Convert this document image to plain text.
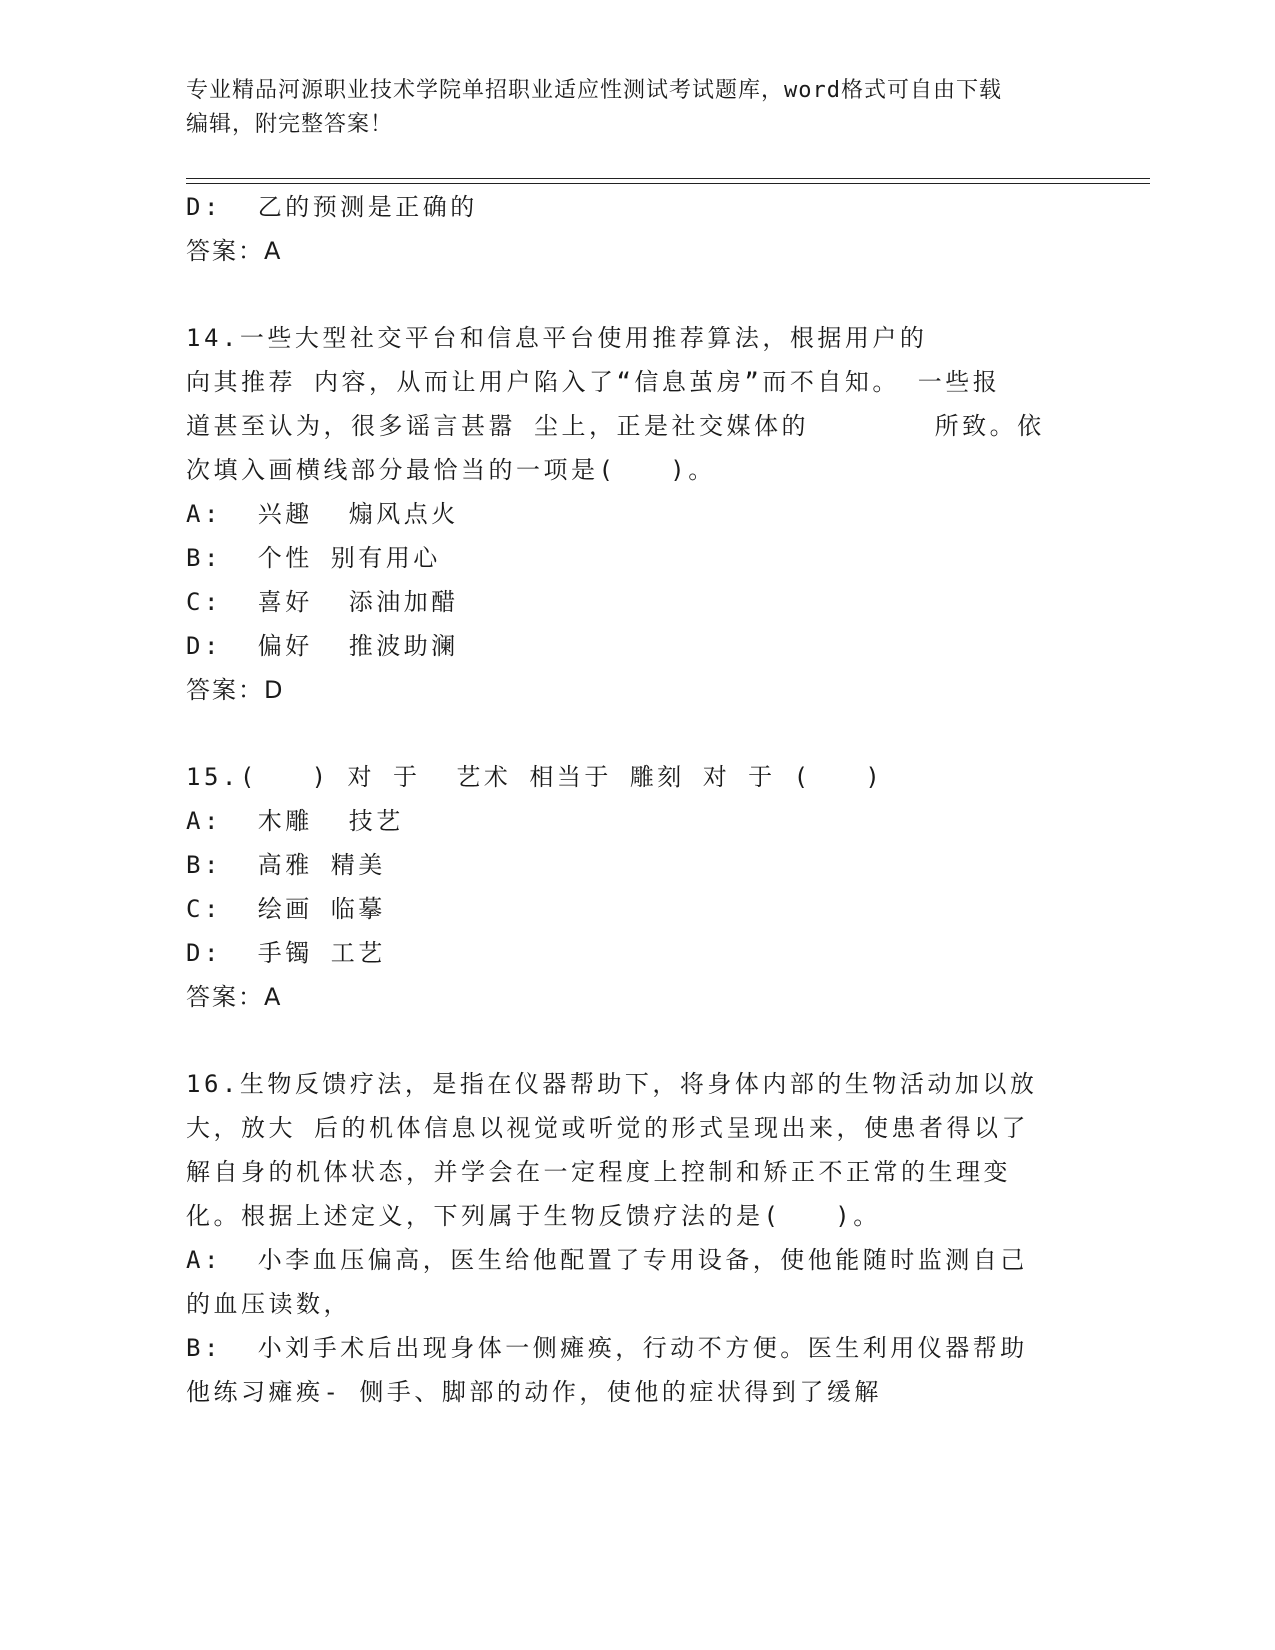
专业精品河源职业技术学院单招职业适应性测试考试题库，word格式可自由下载
编辑，附完整答案！
D:  乙的预测是正确的
答案：A
14.一些大型社交平台和信息平台使用推荐算法，根据用户的
向其推荐 内容，从而让用户陷入了“信息茧房”而不自知。 一些报
道甚至认为，很多谣言甚嚣 尘上，正是社交媒体的       所致。依
次填入画横线部分最恰当的一项是(   )。
A:  兴趣  煽风点火
B:  个性 别有用心
C:  喜好  添油加醋
D:  偏好  推波助澜
答案：D
15.(   ) 对 于  艺术 相当于 雕刻 对 于 (   )
A:  木雕  技艺
B:  高雅 精美
C:  绘画 临摹
D:  手镯 工艺
答案：A
16.生物反馈疗法，是指在仪器帮助下，将身体内部的生物活动加以放
大，放大 后的机体信息以视觉或听觉的形式呈现出来，使患者得以了
解自身的机体状态，并学会在一定程度上控制和矫正不正常的生理变
化。根据上述定义，下列属于生物反馈疗法的是(   )。
A:  小李血压偏高，医生给他配置了专用设备，使他能随时监测自己
的血压读数，
B:  小刘手术后出现身体一侧瘫痪，行动不方便。医生利用仪器帮助
他练习瘫痪- 侧手、脚部的动作，使他的症状得到了缓解
